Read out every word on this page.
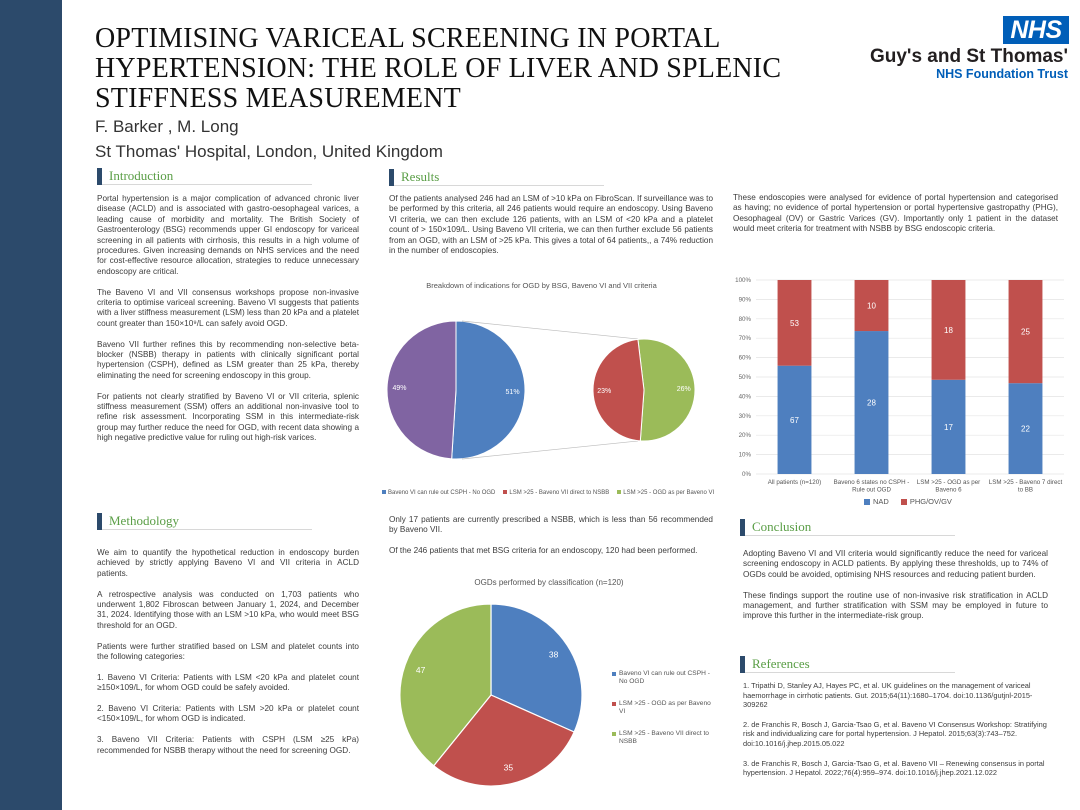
OPTIMISING VARICEAL SCREENING IN PORTAL HYPERTENSION: THE ROLE OF LIVER AND SPLENIC STIFFNESS MEASUREMENT
F. Barker , M. Long
St Thomas' Hospital, London, United Kingdom
NHS
Guy's and St Thomas'
NHS Foundation Trust
Introduction

Portal hypertension is a major complication of advanced chronic liver disease (ACLD) and is associated with gastro-oesophageal varices, a leading cause of morbidity and mortality. The British Society of Gastroenterology (BSG) recommends upper GI endoscopy for variceal screening in all patients with cirrhosis, this results in a high volume of procedures. Given increasing demands on NHS services and the need for cost-effective resource allocation, strategies to reduce unnecessary endoscopy are critical.

The Baveno VI and VII consensus workshops propose non-invasive criteria to optimise variceal screening. Baveno VI suggests that patients with a liver stiffness measurement (LSM) less than 20 kPa and a platelet count greater than 150×10⁹/L can safely avoid OGD.

Baveno VII further refines this by recommending non-selective beta-blocker (NSBB) therapy in patients with clinically significant portal hypertension (CSPH), defined as LSM greater than 25 kPa, thereby eliminating the need for screening endoscopy in this group.

For patients not clearly stratified by Baveno VI or VII criteria, splenic stiffness measurement (SSM) offers an additional non-invasive tool to refine risk assessment. Incorporating SSM in this intermediate-risk group may further reduce the need for OGD, with recent data showing a high negative predictive value for ruling out high-risk varices.

Methodology

We aim to quantify the hypothetical reduction in endoscopy burden achieved by strictly applying Baveno VI and VII criteria in ACLD patients.

A retrospective analysis was conducted on 1,703 patients who underwent 1,802 Fibroscan between January 1, 2024, and December 31, 2024. Identifying those with an LSM >10 kPa, who would meet BSG threshold for an OGD.

Patients were further stratified based on LSM and platelet counts into the following categories:

1. Baveno VI Criteria: Patients with LSM <20 kPa and platelet count ≥150×109/L, for whom OGD could be safely avoided.

2. Baveno VI Criteria: Patients with LSM >20 kPa or platelet count <150×109/L, for whom OGD is indicated.

3. Baveno VII Criteria: Patients with CSPH (LSM ≥25 kPa) recommended for NSBB therapy without the need for screening OGD.

Results
Of the patients analysed 246 had an LSM of >10 kPa on FibroScan. If surveillance was to be performed by this criteria, all 246 patients would require an endoscopy. Using Baveno VI criteria, we can then exclude 126 patients, with an LSM of <20 kPa and a platelet count of > 150×109/L. Using Baveno VII criteria, we can then further exclude 56 patients from an OGD, with an LSM of >25 kPa. This gives a total of 64 patients,, a 74% reduction in the number of endoscopies.
These endoscopies were analysed for evidence of portal hypertension and categorised as having; no evidence of portal hypertension or portal hypertensive gastropathy (PHG), Oesophageal (OV) or Gastric Varices (GV). Importantly only 1 patient in the dataset would meet criteria for treatment with NSBB by BSG endoscopic criteria.
Only 17 patients are currently prescribed a NSBB, which is less than 56 recommended by Baveno VII.
Of the 246 patients that met BSG criteria for an endoscopy, 120 had been performed.
Breakdown of indications for OGD by BSG, Baveno VI and VII criteria
51%
49%	26%
23%
Baveno VI can rule out CSPH - No OGD	LSM >25 - Baveno VII direct to NSBB	LSM >25 - OGD as per Baveno VI
0%
10%
20%
30%
40%
50%
60%
70%
80%
90%
100%
67
53
All patients (n=120)
28
10
Baveno 6 states no CSPH -
Rule out OGD
17
18
LSM >25 - OGD as per
Baveno 6
22
25
LSM >25 - Baveno 7 direct
to BB
NAD	PHG/OV/GV
OGDs performed by classification (n=120)
38
35
47	Baveno VI can rule out CSPH - No OGD
LSM >25 - OGD as per Baveno VI
LSM >25 - Baveno VII direct to NSBB
Conclusion

Adopting Baveno VI and VII criteria would significantly reduce the need for variceal screening endoscopy in ACLD patients. By applying these thresholds, up to 74% of OGDs could be avoided, optimising NHS resources and reducing patient burden.

These findings support the routine use of non-invasive risk stratification in ACLD management, and further stratification with SSM may be employed in future to improve this further in the intermediate-risk group.

References

1. Tripathi D, Stanley AJ, Hayes PC, et al. UK guidelines on the management of variceal haemorrhage in cirrhotic patients. Gut. 2015;64(11):1680–1704. doi:10.1136/gutjnl-2015-309262

2. de Franchis R, Bosch J, Garcia-Tsao G, et al. Baveno VI Consensus Workshop: Stratifying risk and individualizing care for portal hypertension. J Hepatol. 2015;63(3):743–752. doi:10.1016/j.jhep.2015.05.022

3. de Franchis R, Bosch J, Garcia-Tsao G, et al. Baveno VII – Renewing consensus in portal hypertension. J Hepatol. 2022;76(4):959–974. doi:10.1016/j.jhep.2021.12.022
